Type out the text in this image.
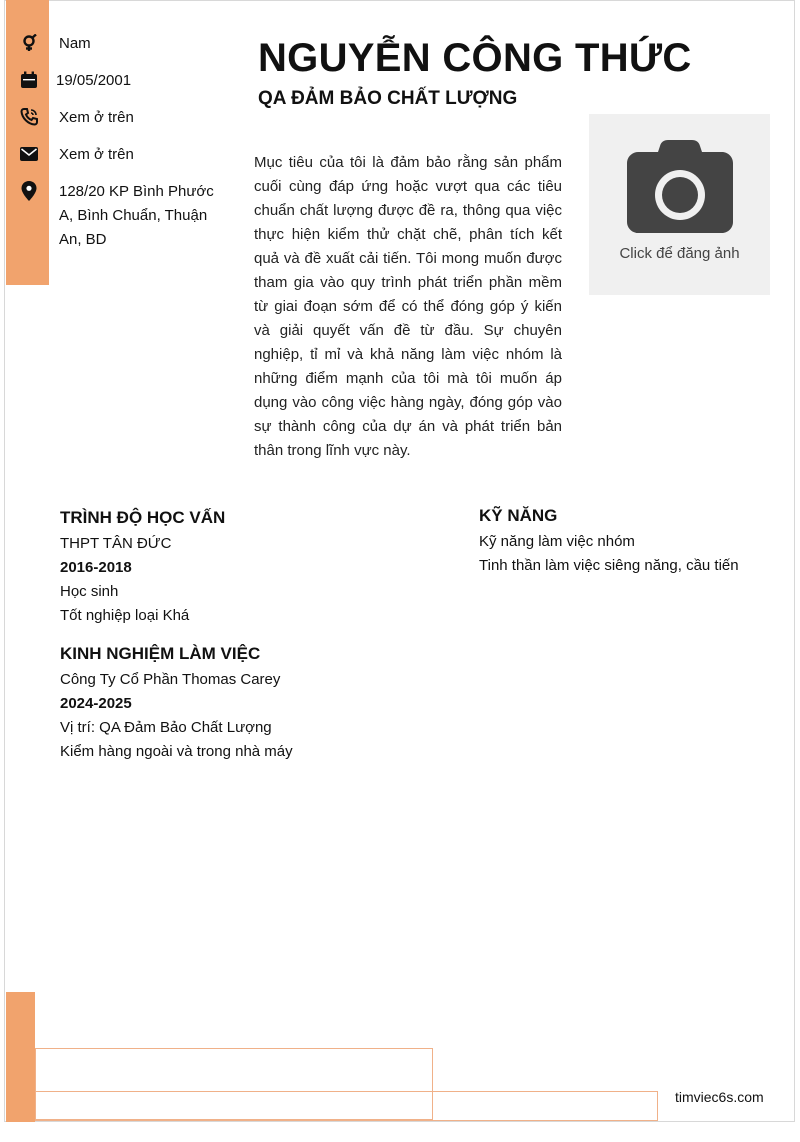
Nam
19/05/2001
Xem ở trên
Xem ở trên
128/20 KP Bình Phước A, Bình Chuẩn, Thuận An, BD
NGUYỄN CÔNG THỨC
QA ĐẢM BẢO CHẤT LƯỢNG
Mục tiêu của tôi là đảm bảo rằng sản phẩm cuối cùng đáp ứng hoặc vượt qua các tiêu chuẩn chất lượng được đề ra, thông qua việc thực hiện kiểm thử chặt chẽ, phân tích kết quả và đề xuất cải tiến. Tôi mong muốn được tham gia vào quy trình phát triển phần mềm từ giai đoạn sớm để có thể đóng góp ý kiến và giải quyết vấn đề từ đầu. Sự chuyên nghiệp, tỉ mỉ và khả năng làm việc nhóm là những điểm mạnh của tôi mà tôi muốn áp dụng vào công việc hàng ngày, đóng góp vào sự thành công của dự án và phát triển bản thân trong lĩnh vực này.
Click để đăng ảnh
TRÌNH ĐỘ HỌC VẤN
THPT TÂN ĐỨC
2016-2018
Học sinh
Tốt nghiệp loại Khá
KỸ NĂNG
Kỹ năng làm việc nhóm
Tinh thần làm việc siêng năng, cầu tiến
KINH NGHIỆM LÀM VIỆC
Công Ty Cổ Phần Thomas Carey
2024-2025
Vị trí: QA Đảm Bảo Chất Lượng
Kiểm hàng ngoài và trong nhà máy
timviec6s.com
